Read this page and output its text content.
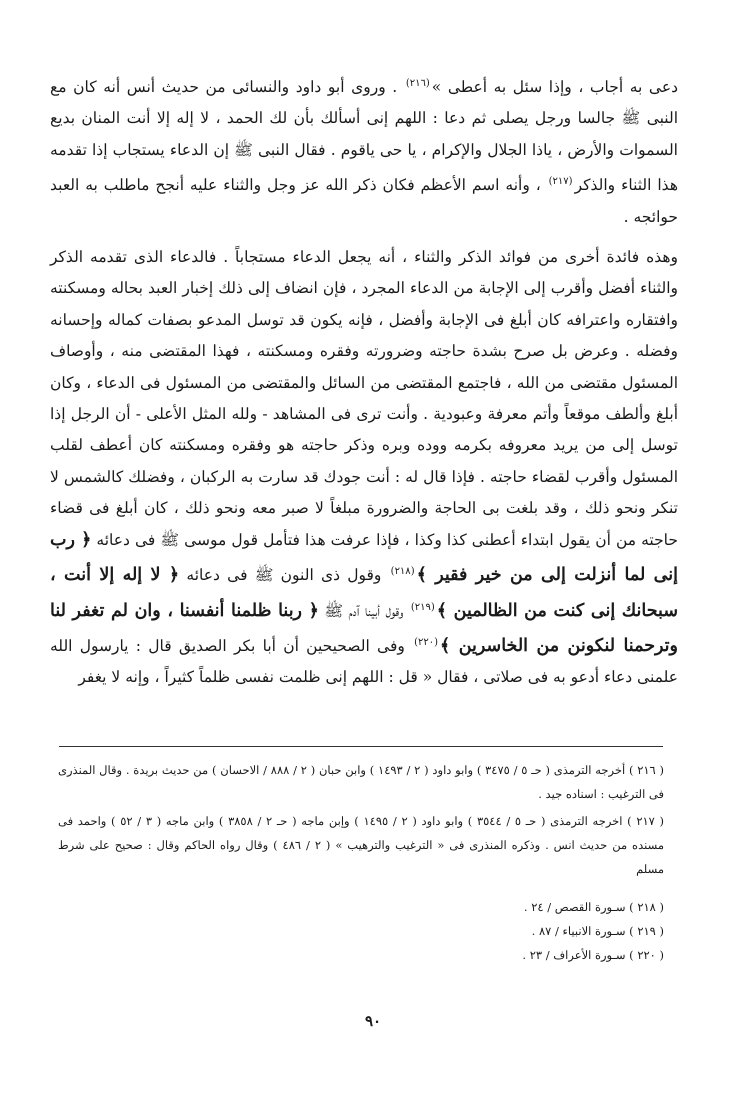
دعى به أجاب ، وإذا سئل به أعطى »$^{(٢١٦)}$ . وروى أبو داود والنسائى من حديث أنس أنه كان مع النبى ﷺ جالسا ورجل يصلى ثم دعا : اللهم إنى أسألك بأن لك الحمد ، لا إله إلا أنت المنان بديع السموات والأرض ، ياذا الجلال والإكرام ، يا حى ياقوم . فقال النبى ﷺ إن الدعاء يستجاب إذا تقدمه هذا الثناء والذكر$^{(٢١٧)}$ ، وأنه اسم الأعظم فكان ذكر الله عز وجل والثناء عليه أنجح ماطلب به العبد حوائجه .

وهذه فائدة أخرى من فوائد الذكر والثناء ، أنه يجعل الدعاء مستجاباً . فالدعاء الذى تقدمه الذكر والثناء أفضل وأقرب إلى الإجابة من الدعاء المجرد ، فإن انضاف إلى ذلك إخبار العبد بحاله ومسكنته وافتقاره واعترافه كان أبلغ فى الإجابة وأفضل ، فإنه يكون قد توسل المدعو بصفات كماله وإحسانه وفضله . وعرض بل صرح بشدة حاجته وضرورته وفقره ومسكنته ، فهذا المقتضى منه ، وأوصاف المسئول مقتضى من الله ، فاجتمع المقتضى من السائل والمقتضى من المسئول فى الدعاء ، وكان أبلغ وألطف موقعاً وأتم معرفة وعبودية . وأنت ترى فى المشاهد - ولله المثل الأعلى - أن الرجل إذا توسل إلى من يريد معروفه بكرمه ووده وبره وذكر حاجته هو وفقره ومسكنته كان أعطف لقلب المسئول وأقرب لقضاء حاجته . فإذا قال له : أنت جودك قد سارت به الركبان ، وفضلك كالشمس لا تنكر ونحو ذلك ، وقد بلغت بى الحاجة والضرورة مبلغاً لا صبر معه ونحو ذلك ، كان أبلغ فى قضاء حاجته من أن يقول ابتداء أعطنى كذا وكذا ، فإذا عرفت هذا فتأمل قول موسى ﷺ فى دعائه ﴿ رب إنى لما أنزلت إلى من خير فقير ﴾$^{(٢١٨)}$ وقول ذى النون ﷺ فى دعائه ﴿ لا إله إلا أنت ، سبحانك إنى كنت من الظالمين ﴾$^{(٢١٩)}$ وقول أبينا آدم ﷺ ﴿ ربنا ظلمنا أنفسنا ، وان لم تغفر لنا وترحمنا لنكونن من الخاسرين ﴾$^{(٢٢٠)}$ وفى الصحيحين أن أبا بكر الصديق قال : يارسول الله علمنى دعاء أدعو به فى صلاتى ، فقال « قل : اللهم إنى ظلمت نفسى ظلماً كثيراً ، وإنه لا يغفر

( ٢١٦ ) أخرجه الترمذى ( حـ ٥ / ٣٤٧٥ ) وابو داود ( ٢ / ١٤٩٣ ) وابن حبان ( ٢ / ٨٨٨ / الاحسان ) من حديث بريدة . وقال المنذرى فى الترغيب : اسناده جيد .

( ٢١٧ ) اخرجه الترمذى ( حـ ٥ / ٣٥٤٤ ) وابو داود ( ٢ / ١٤٩٥ ) وإبن ماجه ( حـ ٢ / ٣٨٥٨ ) وابن ماجه ( ٣ / ٥٢ ) واحمد فى مسنده من حديث انس . وذكره المنذرى فى « الترغيب والترهيب » ( ٢ / ٤٨٦ ) وقال رواه الحاكم وقال : صحيح على شرط مسلم

( ٢١٨ ) سـورة القصص / ٢٤ .

( ٢١٩ ) سـورة الانبياء / ٨٧ .

( ٢٢٠ ) سـورة الأعراف / ٢٣ .

٩٠
